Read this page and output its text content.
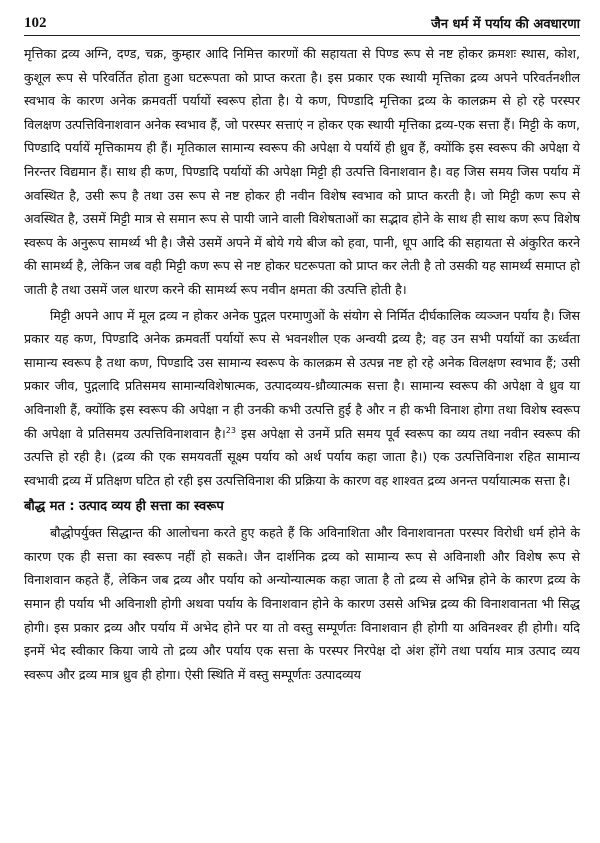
102	जैन धर्म में पर्याय की अवधारणा

मृत्तिका द्रव्य अग्नि, दण्ड, चक्र, कुम्हार आदि निमित्त कारणों की सहायता से पिण्ड रूप से नष्ट होकर क्रमशः स्थास, कोश, कुशूल रूप से परिवर्तित होता हुआ घटरूपता को प्राप्त करता है। इस प्रकार एक स्थायी मृत्तिका द्रव्य अपने परिवर्तनशील स्वभाव के कारण अनेक क्रमवर्ती पर्यायों स्वरूप होता है। ये कण, पिण्डादि मृत्तिका द्रव्य के कालक्रम से हो रहे परस्पर विलक्षण उत्पत्तिविनाशवान अनेक स्वभाव हैं, जो परस्पर सत्ताएं न होकर एक स्थायी मृत्तिका द्रव्य-एक सत्ता हैं। मिट्टी के कण, पिण्डादि पर्यायें मृत्तिकामय ही हैं। मृतिकाल सामान्य स्वरूप की अपेक्षा ये पर्यायें ही ध्रुव हैं, क्योंकि इस स्वरूप की अपेक्षा ये निरन्तर विद्यमान हैं। साथ ही कण, पिण्डादि पर्यायों की अपेक्षा मिट्टी ही उत्पत्ति विनाशवान है। वह जिस समय जिस पर्याय में अवस्थित है, उसी रूप है तथा उस रूप से नष्ट होकर ही नवीन विशेष स्वभाव को प्राप्त करती है। जो मिट्टी कण रूप से अवस्थित है, उसमें मिट्टी मात्र से समान रूप से पायी जाने वाली विशेषताओं का सद्भाव होने के साथ ही साथ कण रूप विशेष स्वरूप के अनुरूप सामर्थ्य भी है। जैसे उसमें अपने में बोये गये बीज को हवा, पानी, धूप आदि की सहायता से अंकुरित करने की सामर्थ्य है, लेकिन जब वही मिट्टी कण रूप से नष्ट होकर घटरूपता को प्राप्त कर लेती है तो उसकी यह सामर्थ्य समाप्त हो जाती है तथा उसमें जल धारण करने की सामर्थ्य रूप नवीन क्षमता की उत्पत्ति होती है।

मिट्टी अपने आप में मूल द्रव्य न होकर अनेक पुद्गल परमाणुओं के संयोग से निर्मित दीर्घकालिक व्यञ्जन पर्याय है। जिस प्रकार यह कण, पिण्डादि अनेक क्रमवर्ती पर्यायों रूप से भवनशील एक अन्वयी द्रव्य है; वह उन सभी पर्यायों का ऊर्ध्वता सामान्य स्वरूप है तथा कण, पिण्डादि उस सामान्य स्वरूप के कालक्रम से उत्पन्न नष्ट हो रहे अनेक विलक्षण स्वभाव हैं; उसी प्रकार जीव, पुद्गलादि प्रतिसमय सामान्यविशेषात्मक, उत्पादव्यय-ध्रौव्यात्मक सत्ता है। सामान्य स्वरूप की अपेक्षा वे ध्रुव या अविनाशी हैं, क्योंकि इस स्वरूप की अपेक्षा न ही उनकी कभी उत्पत्ति हुई है और न ही कभी विनाश होगा तथा विशेष स्वरूप की अपेक्षा वे प्रतिसमय उत्पत्तिविनाशवान है।$^{23}$ इस अपेक्षा से उनमें प्रति समय पूर्व स्वरूप का व्यय तथा नवीन स्वरूप की उत्पत्ति हो रही है। (द्रव्य की एक समयवर्ती सूक्ष्म पर्याय को अर्थ पर्याय कहा जाता है।) एक उत्पत्तिविनाश रहित सामान्य स्वभावी द्रव्य में प्रतिक्षण घटित हो रही इस उत्पत्तिविनाश की प्रक्रिया के कारण वह शाश्वत द्रव्य अनन्त पर्यायात्मक सत्ता है।

बौद्ध मत : उत्पाद व्यय ही सत्ता का स्वरूप

बौद्धोपर्युक्त सिद्धान्त की आलोचना करते हुए कहते हैं कि अविनाशिता और विनाशवानता परस्पर विरोधी धर्म होने के कारण एक ही सत्ता का स्वरूप नहीं हो सकते। जैन दार्शनिक द्रव्य को सामान्य रूप से अविनाशी और विशेष रूप से विनाशवान कहते हैं, लेकिन जब द्रव्य और पर्याय को अन्योन्यात्मक कहा जाता है तो द्रव्य से अभिन्न होने के कारण द्रव्य के समान ही पर्याय भी अविनाशी होगी अथवा पर्याय के विनाशवान होने के कारण उससे अभिन्न द्रव्य की विनाशवानता भी सिद्ध होगी। इस प्रकार द्रव्य और पर्याय में अभेद होने पर या तो वस्तु सम्पूर्णतः विनाशवान ही होगी या अविनश्वर ही होगी। यदि इनमें भेद स्वीकार किया जाये तो द्रव्य और पर्याय एक सत्ता के परस्पर निरपेक्ष दो अंश होंगे तथा पर्याय मात्र उत्पाद व्यय स्वरूप और द्रव्य मात्र ध्रुव ही होगा। ऐसी स्थिति में वस्तु सम्पूर्णतः उत्पादव्यय
